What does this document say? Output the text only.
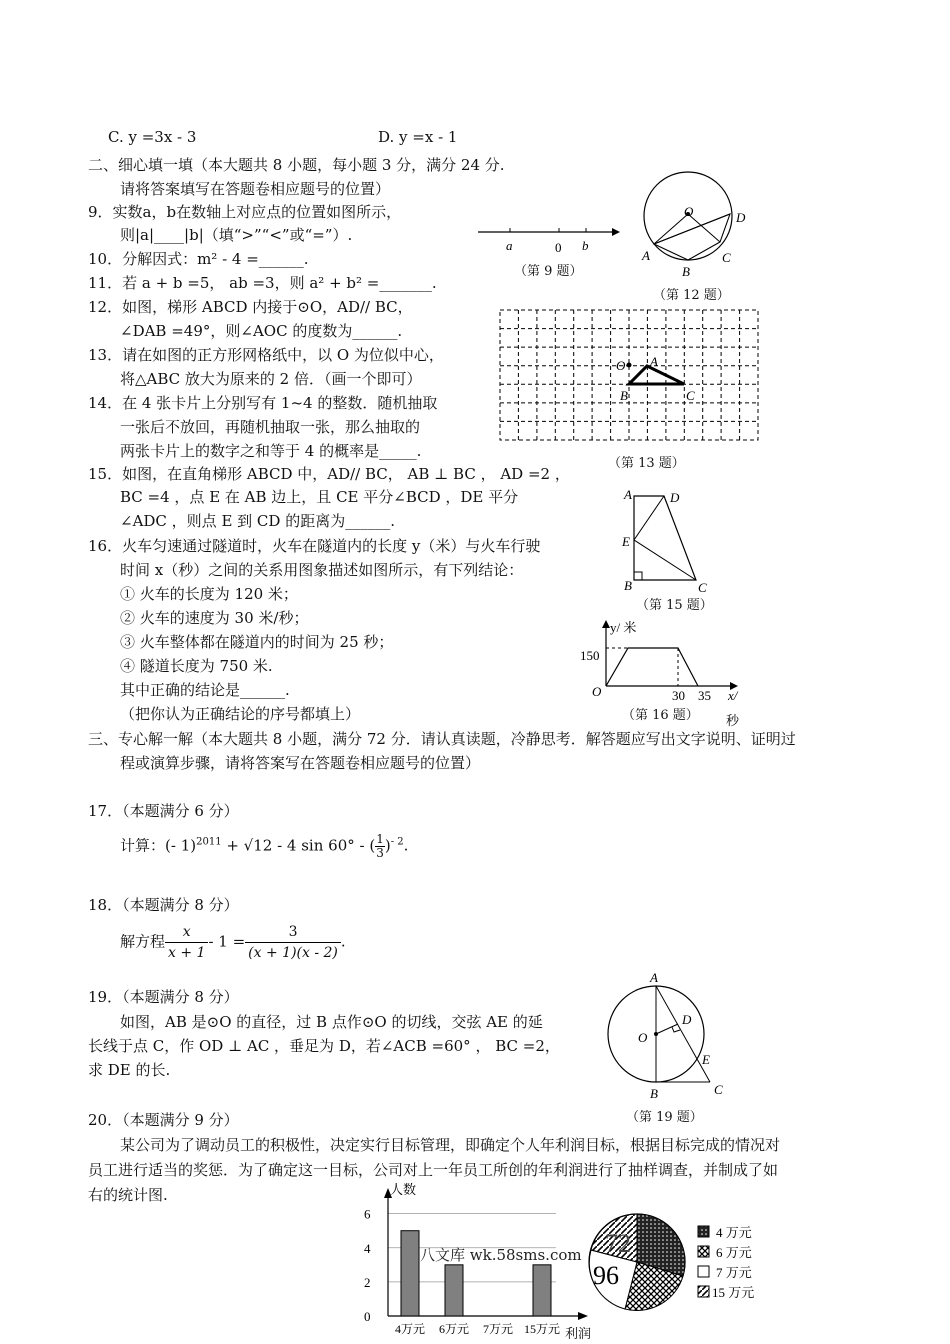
C. y =3x - 3	D. y =x - 1
二、细心填一填（本大题共 8 小题，每小题 3 分，满分 24 分.
请将答案填写在答题卷相应题号的位置）
9．实数a，b在数轴上对应点的位置如图所示，
则|a|____|b|（填“>”“<”或“=”）.
a	0 b
（第 9 题）
10．分解因式：m² - 4 =______.
11．若 a + b =5， ab =3，则 a² + b² =_______.
O	D
A	C
B
（第 12 题）
12．如图，梯形 ABCD 内接于⊙O，AD// BC，
∠DAB =49°，则∠AOC 的度数为______.
13．请在如图的正方形网格纸中，以 O 为位似中心，
将△ABC 放大为原来的 2 倍．（画一个即可）
O A
B	C
（第 13 题）
14．在 4 张卡片上分别写有 1~4 的整数．随机抽取
一张后不放回，再随机抽取一张，那么抽取的
两张卡片上的数字之和等于 4 的概率是_____.
15．如图，在直角梯形 ABCD 中，AD// BC， AB ⊥ BC ， AD =2 ，
BC =4 ，点 E 在 AB 边上，且 CE 平分∠BCD ，DE 平分
∠ADC ，则点 E 到 CD 的距离为______.
A	D
E
B	C
（第 15 题）
16．火车匀速通过隧道时，火车在隧道内的长度 y（米）与火车行驶
时间 x（秒）之间的关系用图象描述如图所示，有下列结论：
① 火车的长度为 120 米；
② 火车的速度为 30 米/秒；
③ 火车整体都在隧道内的时间为 25 秒；
④ 隧道长度为 750 米.
其中正确的结论是______.
（把你认为正确结论的序号都填上）
y/ 米
150
O	30 35 x/
秒
（第 16 题）
三、专心解一解（本大题共 8 小题，满分 72 分．请认真读题，冷静思考．解答题应写出文字说明、证明过
程或演算步骤，请将答案写在答题卷相应题号的位置）
17．（本题满分 6 分）
计算：(- 1)$^{2011}$ + √12 - 4 sin 60° - ( $\frac{1}{3} )^{- 2}$.
18．（本题满分 8 分）
解方程 $\frac{x}{x + 1} - 1 = \frac{3}{(x + 1)(x - 2)}$ .
19．（本题满分 8 分）
如图，AB 是⊙O 的直径，过 B 点作⊙O 的切线，交弦 AE 的延
长线于点 C，作 OD ⊥ AC ，垂足为 D，若∠ACB =60° ， BC =2，
求 DE 的长.
A
D
O
E
B	C
（第 19 题）
20．（本题满分 9 分）
某公司为了调动员工的积极性，决定实行目标管理，即确定个人年利润目标，根据目标完成的情况对
员工进行适当的奖惩．为了确定这一目标，公司对上一年员工所创的年利润进行了抽样调查，并制成了如
右的统计图.	人数
0
2
4
6
4万元 6万元 7万元 15万元 利润
八文库 wk.58sms.com
96
72	4 万元
6 万元
7 万元
15 万元
